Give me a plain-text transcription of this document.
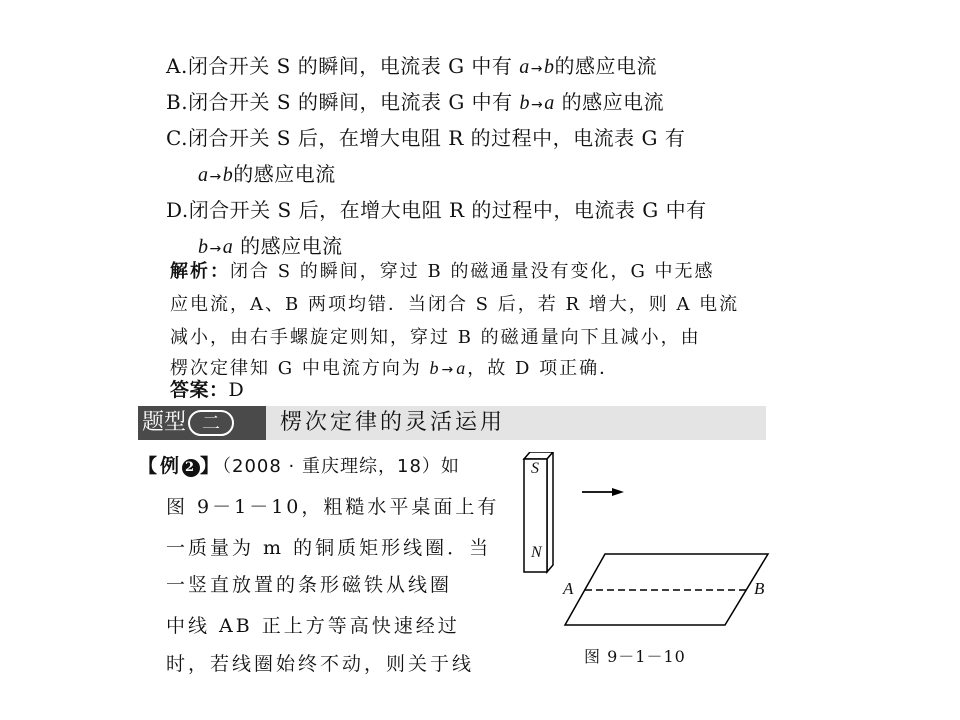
A.闭合开关 S 的瞬间，电流表 G 中有 a→b的感应电流
B.闭合开关 S 的瞬间，电流表 G 中有 b→a 的感应电流
C.闭合开关 S 后，在增大电阻 R 的过程中，电流表 G 有
a→b的感应电流
D.闭合开关 S 后，在增大电阻 R 的过程中，电流表 G 中有
b→a 的感应电流
解析：闭合 S 的瞬间，穿过 B 的磁通量没有变化，G 中无感
应电流，A、B 两项均错．当闭合 S 后，若 R 增大，则 A 电流
减小，由右手螺旋定则知，穿过 B 的磁通量向下且减小，由
楞次定律知 G 中电流方向为 b→a，故 D 项正确．
答案：D
题型 二	楞次定律的灵活运用
【例 2 】（2008 · 重庆理综，18）如
图 9－1－10，粗糙水平桌面上有
一质量为 m 的铜质矩形线圈．当
一竖直放置的条形磁铁从线圈
中线 AB 正上方等高快速经过
时，若线圈始终不动，则关于线
S
N
A	B
图 9－1－10
